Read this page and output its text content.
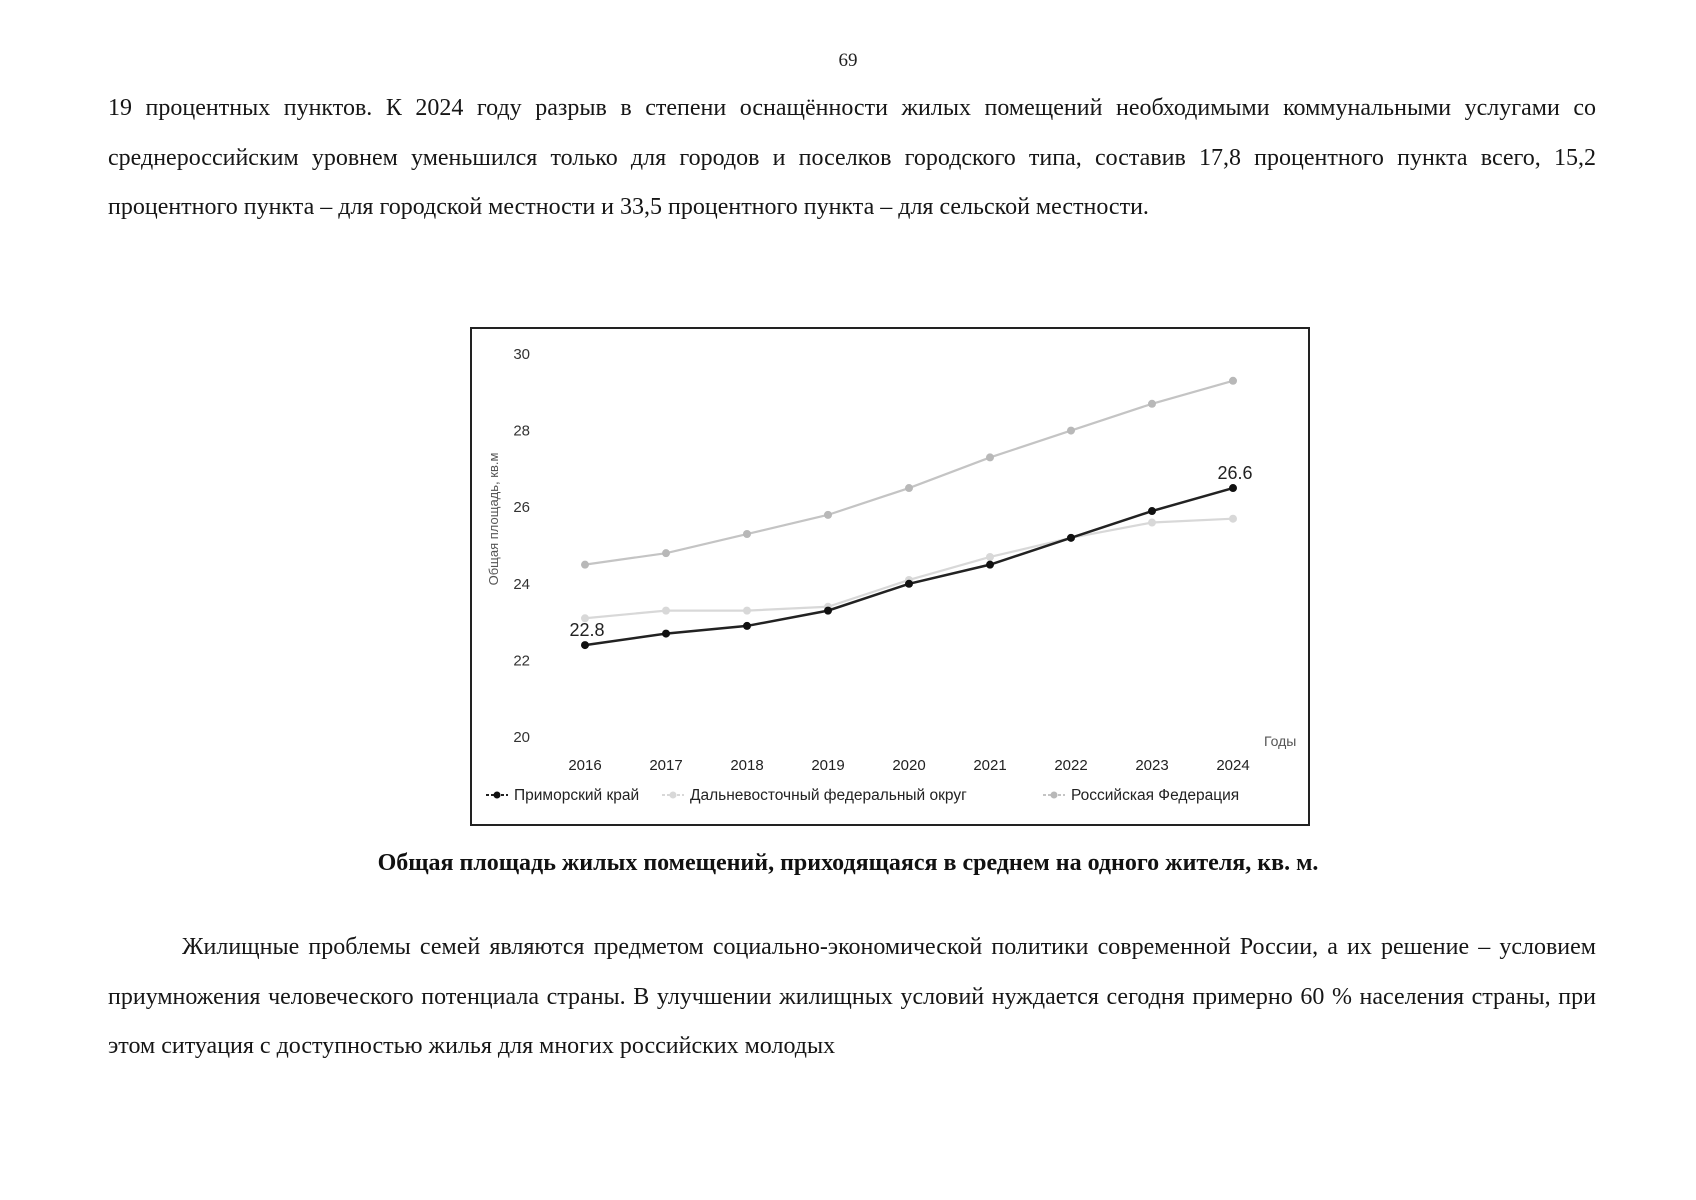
69

19 процентных пунктов. К 2024 году разрыв в степени оснащённости жилых помещений необходимыми коммунальными услугами со среднероссийским уровнем уменьшился только для городов и поселков городского типа, составив 17,8 процентного пункта всего, 15,2 процентного пункта – для городской местности и 33,5 процентного пункта – для сельской местности.

Общая площадь, кв.м
Годы
20
22
24
26
28
30
2016	2017	2018	2019	2020	2021	2022	2023	2024
22.8
26.6
Приморский край	Дальневосточный федеральный округ	Российская Федерация
Общая площадь жилых помещений, приходящаяся в среднем на одного жителя, кв. м.

Жилищные проблемы семей являются предметом социально-экономической политики современной России, а их решение – условием приумножения человеческого потенциала страны. В улучшении жилищных условий нуждается сегодня примерно 60 % населения страны, при этом ситуация с доступностью жилья для многих российских молодых
